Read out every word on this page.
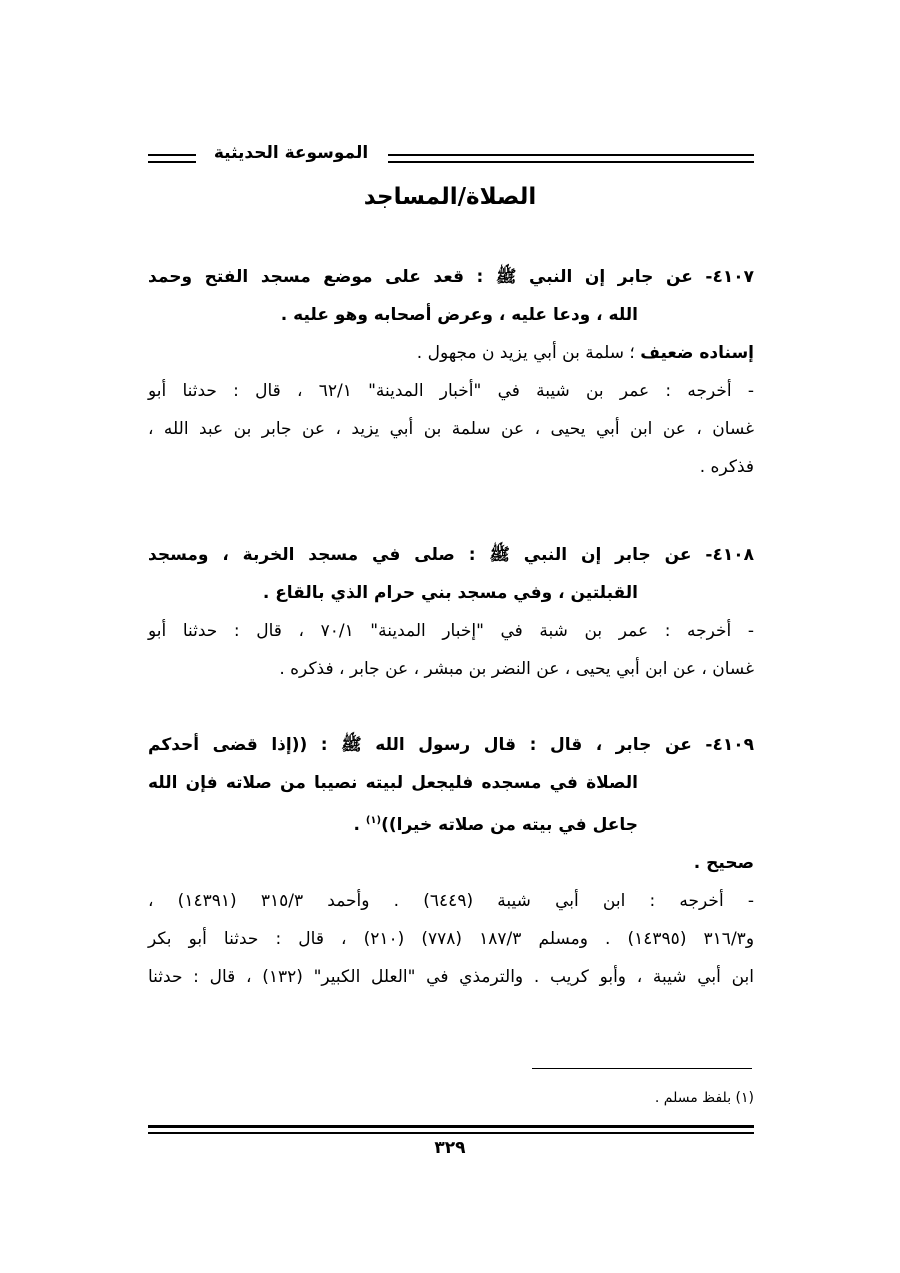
الموسوعة الحديثية
الصلاة/المساجد
٤١٠٧- عن جابر إن النبي ﷺ : قعد على موضع مسجد الفتح وحمد
الله ، ودعا عليه ، وعرض أصحابه وهو عليه .
إسناده ضعيف ؛ سلمة بن أبي يزيد ن مجهول .
- أخرجه : عمر بن شيبة في "أخبار المدينة" ٦٢/١ ، قال : حدثنا أبو
غسان ، عن ابن أبي يحيى ، عن سلمة بن أبي يزيد ، عن جابر بن عبد الله ،
فذكره .
٤١٠٨- عن جابر إن النبي ﷺ : صلى في مسجد الخربة ، ومسجد
القبلتين ، وفي مسجد بني حرام الذي بالقاع .
- أخرجه : عمر بن شبة في "إخبار المدينة" ٧٠/١ ، قال : حدثنا أبو
غسان ، عن ابن أبي يحيى ، عن النضر بن مبشر ، عن جابر ، فذكره .
٤١٠٩- عن جابر ، قال : قال رسول الله ﷺ : ((إذا قضى أحدكم
الصلاة في مسجده فليجعل لبيته نصيبا من صلاته فإن الله
جاعل في بيته من صلاته خيرا))$^{(١)}$ .
صحيح .
- أخرجه : ابن أبي شيبة (٦٤٤٩) . وأحمد ٣١٥/٣ (١٤٣٩١) ،
و٣١٦/٣ (١٤٣٩٥) . ومسلم ١٨٧/٣ (٧٧٨) (٢١٠) ، قال : حدثنا أبو بكر
ابن أبي شيبة ، وأبو كريب . والترمذي في "العلل الكبير" (١٣٢) ، قال : حدثنا
(١) بلفظ مسلم .
٣٢٩
